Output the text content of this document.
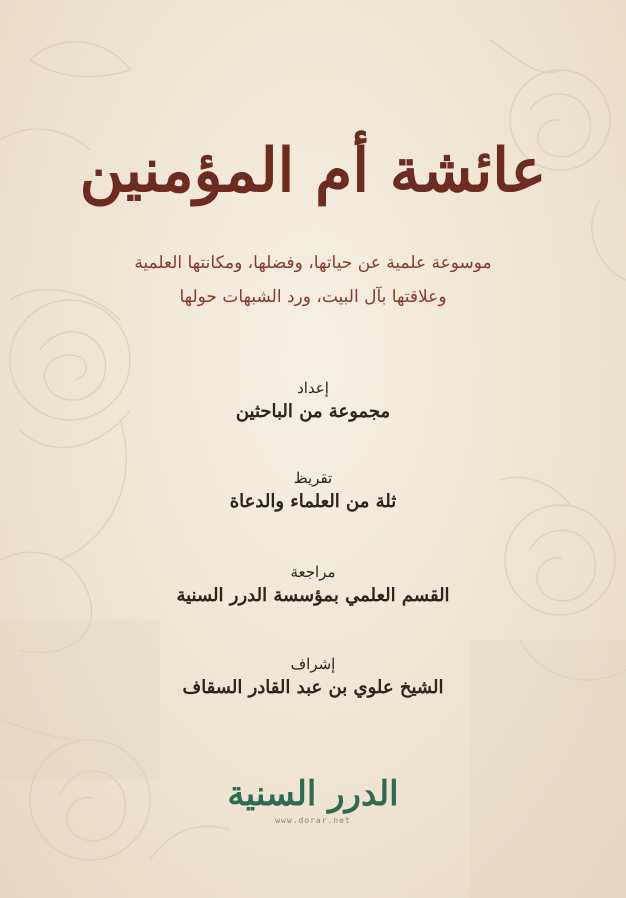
عائشة أم المؤمنين

موسوعة علمية عن حياتها، وفضلها، ومكانتها العلمية
وعلاقتها بآل البيت، ورد الشبهات حولها

إعداد
مجموعة من الباحثين
تقريظ
ثلة من العلماء والدعاة
مراجعة
القسم العلمي بمؤسسة الدرر السنية
إشراف
الشيخ علوي بن عبد القادر السقاف
الدرر السنية
www.dorar.net
